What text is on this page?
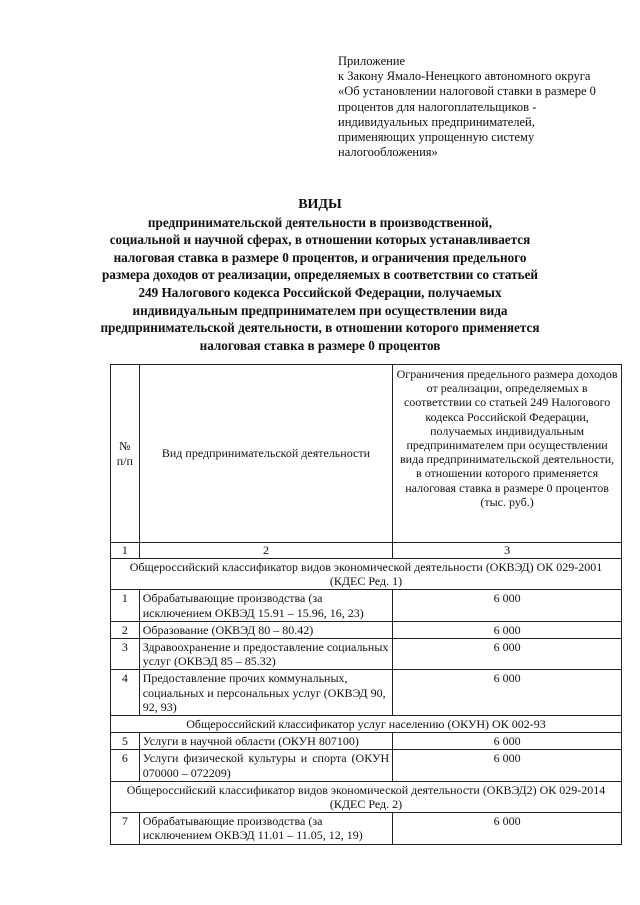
Приложение
к Закону Ямало-Ненецкого автономного округа
«Об установлении налоговой ставки в размере 0
процентов для налогоплательщиков -
индивидуальных предпринимателей,
применяющих упрощенную систему
налогообложения»
ВИДЫ
предпринимательской деятельности в производственной,
социальной и научной сферах, в отношении которых устанавливается
налоговая ставка в размере 0 процентов, и ограничения предельного
размера доходов от реализации, определяемых в соответствии со статьей
249 Налогового кодекса Российской Федерации, получаемых
индивидуальным предпринимателем при осуществлении вида
предпринимательской деятельности, в отношении которого применяется
налоговая ставка в размере 0 процентов
№ п/п	Вид предпринимательской деятельности	Ограничения предельного размера доходов от реализации, определяемых в соответствии со статьей 249 Налогового кодекса Российской Федерации, получаемых индивидуальным предпринимателем при осуществлении вида предпринимательской деятельности, в отношении которого применяется налоговая ставка в размере 0 процентов (тыс. руб.)
1	2	3
Общероссийский классификатор видов экономической деятельности (ОКВЭД) ОК 029-2001 (КДЕС Ред. 1)		
1	Обрабатывающие производства (за исключением ОКВЭД 15.91 – 15.96, 16, 23)	6 000
2	Образование (ОКВЭД 80 – 80.42)	6 000
3	Здравоохранение и предоставление социальных услуг (ОКВЭД 85 – 85.32)	6 000
4	Предоставление прочих коммунальных, социальных и персональных услуг (ОКВЭД 90, 92, 93)	6 000
Общероссийский классификатор услуг населению (ОКУН) ОК 002-93		
5	Услуги в научной области (ОКУН 807100)	6 000
6	Услуги физической культуры и спорта (ОКУН 070000 – 072209)	6 000
Общероссийский классификатор видов экономической деятельности (ОКВЭД2) ОК 029-2014 (КДЕС Ред. 2)		
7	Обрабатывающие производства (за исключением ОКВЭД 11.01 – 11.05, 12, 19)	6 000
